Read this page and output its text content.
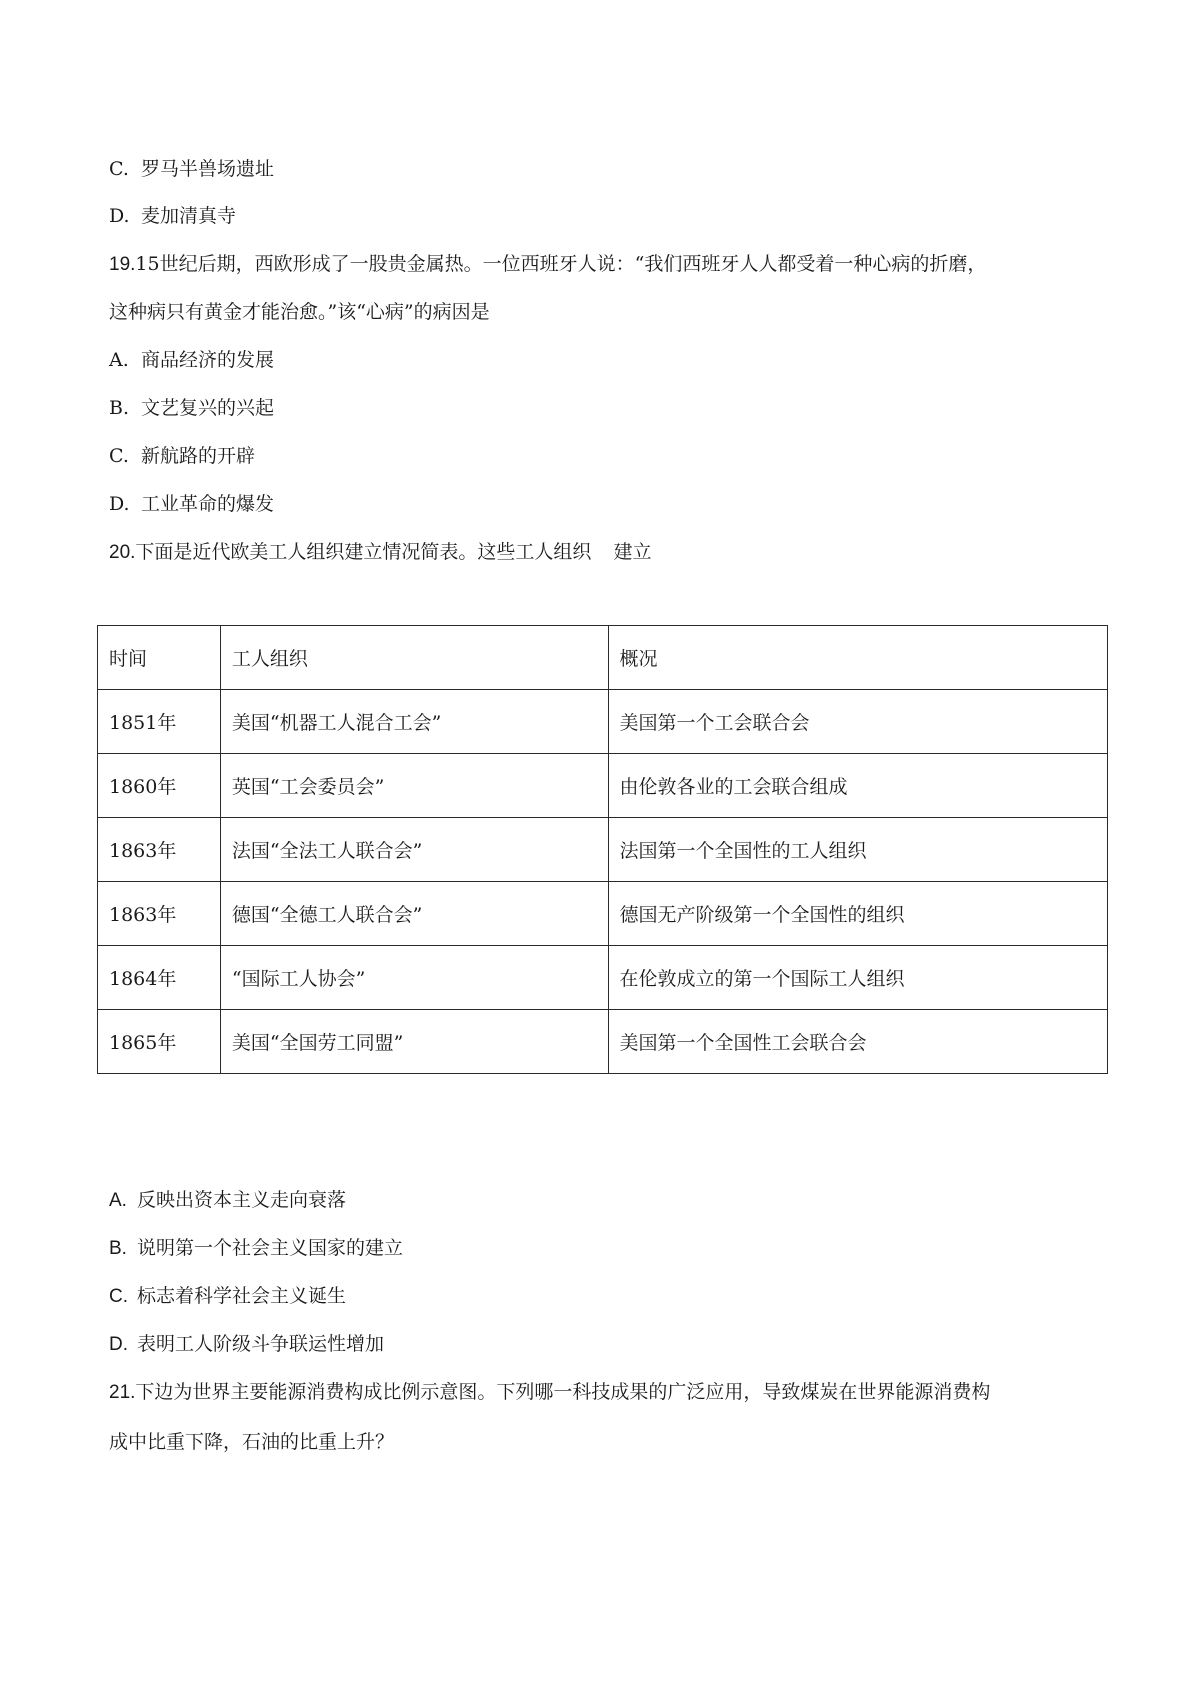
C. 罗马半兽场遗址
D. 麦加清真寺
19.15世纪后期，西欧形成了一股贵金属热。一位西班牙人说：“我们西班牙人人都受着一种心病的折磨，
这种病只有黄金才能治愈。”该“心病”的病因是
A. 商品经济的发展
B. 文艺复兴的兴起
C. 新航路的开辟
D. 工业革命的爆发
20.下面是近代欧美工人组织建立情况简表。这些工人组织 建立
时间	工人组织	概况
1851年	美国“机器工人混合工会”	美国第一个工会联合会
1860年	英国“工会委员会”	由伦敦各业的工会联合组成
1863年	法国“全法工人联合会”	法国第一个全国性的工人组织
1863年	德国“全德工人联合会”	德国无产阶级第一个全国性的组织
1864年	“国际工人协会”	在伦敦成立的第一个国际工人组织
1865年	美国“全国劳工同盟”	美国第一个全国性工会联合会
A. 反映出资本主义走向衰落
B. 说明第一个社会主义国家的建立
C. 标志着科学社会主义诞生
D. 表明工人阶级斗争联运性增加
21.下边为世界主要能源消费构成比例示意图。下列哪一科技成果的广泛应用，导致煤炭在世界能源消费构
成中比重下降，石油的比重上升？
